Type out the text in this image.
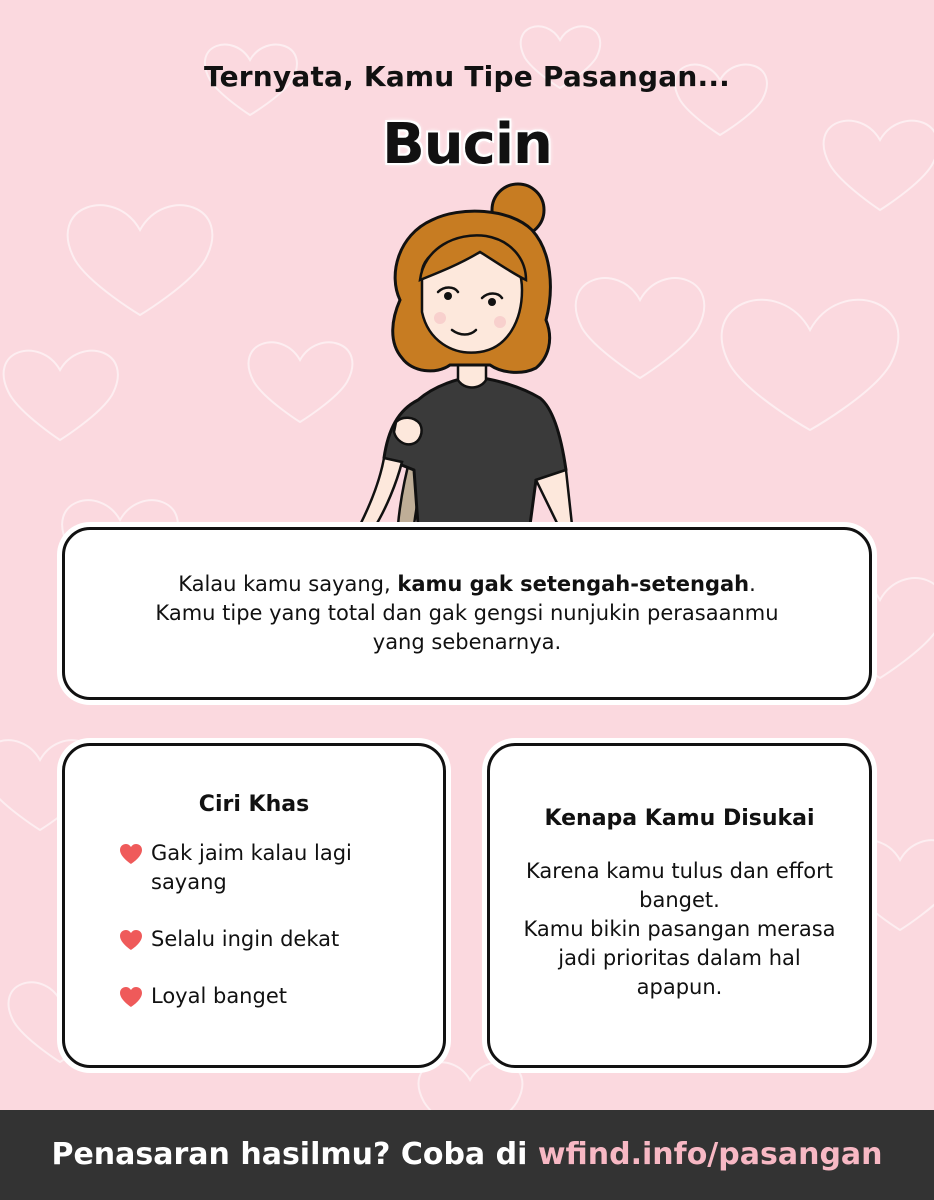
Ternyata, Kamu Tipe Pasangan...
Bucin

Kalau kamu sayang, kamu gak setengah-setengah.

Kamu tipe yang total dan gak gengsi nunjukin perasaanmu

yang sebenarnya.

Ciri Khas
Gak jaim kalau lagi sayang
Selalu ingin dekat
Loyal banget
Kenapa Kamu Disukai

Karena kamu tulus dan effort banget.

Kamu bikin pasangan merasa jadi prioritas dalam hal apapun.

Penasaran hasilmu? Coba di wfind.info/pasangan
